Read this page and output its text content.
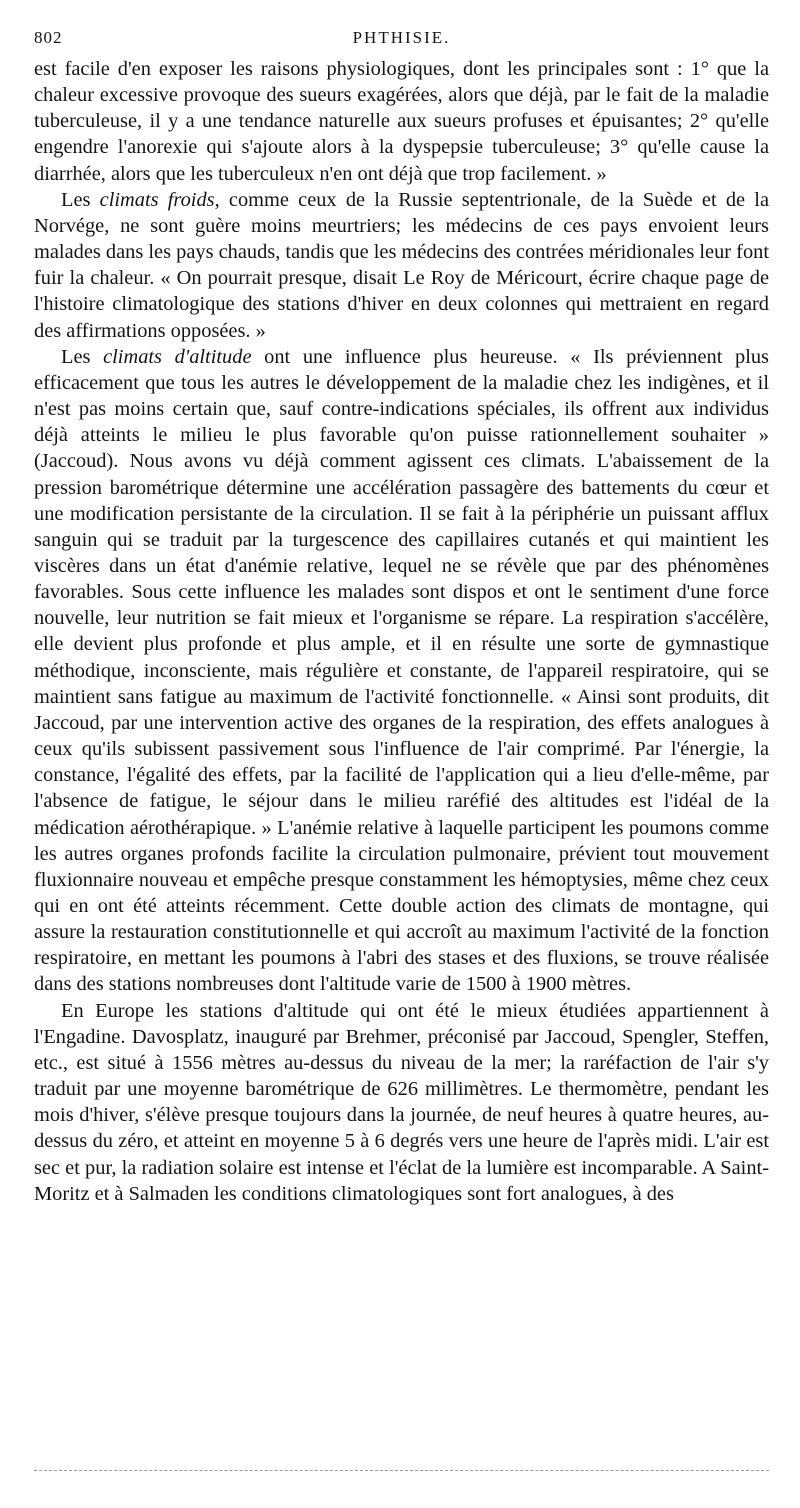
802	PHTHISIE.

est facile d'en exposer les raisons physiologiques, dont les principales sont : 1° que la chaleur excessive provoque des sueurs exagérées, alors que déjà, par le fait de la maladie tuberculeuse, il y a une tendance naturelle aux sueurs profuses et épuisantes; 2° qu'elle engendre l'anorexie qui s'ajoute alors à la dyspepsie tuberculeuse; 3° qu'elle cause la diarrhée, alors que les tuberculeux n'en ont déjà que trop facilement. »

Les climats froids, comme ceux de la Russie septentrionale, de la Suède et de la Norvége, ne sont guère moins meurtriers; les médecins de ces pays envoient leurs malades dans les pays chauds, tandis que les médecins des contrées méridionales leur font fuir la chaleur. « On pourrait presque, disait Le Roy de Méricourt, écrire chaque page de l'histoire climatologique des stations d'hiver en deux colonnes qui mettraient en regard des affirmations opposées. »

Les climats d'altitude ont une influence plus heureuse. « Ils préviennent plus efficacement que tous les autres le développement de la maladie chez les indigènes, et il n'est pas moins certain que, sauf contre-indications spéciales, ils offrent aux individus déjà atteints le milieu le plus favorable qu'on puisse rationnellement souhaiter » (Jaccoud). Nous avons vu déjà comment agissent ces climats. L'abaissement de la pression barométrique détermine une accélération passagère des battements du cœur et une modification persistante de la circulation. Il se fait à la périphérie un puissant afflux sanguin qui se traduit par la turgescence des capillaires cutanés et qui maintient les viscères dans un état d'anémie relative, lequel ne se révèle que par des phénomènes favorables. Sous cette influence les malades sont dispos et ont le sentiment d'une force nouvelle, leur nutrition se fait mieux et l'organisme se répare. La respiration s'accélère, elle devient plus profonde et plus ample, et il en résulte une sorte de gymnastique méthodique, inconsciente, mais régulière et constante, de l'appareil respiratoire, qui se maintient sans fatigue au maximum de l'activité fonctionnelle. « Ainsi sont produits, dit Jaccoud, par une intervention active des organes de la respiration, des effets analogues à ceux qu'ils subissent passivement sous l'influence de l'air comprimé. Par l'énergie, la constance, l'égalité des effets, par la facilité de l'application qui a lieu d'elle-même, par l'absence de fatigue, le séjour dans le milieu raréfié des altitudes est l'idéal de la médication aérothérapique. » L'anémie relative à laquelle participent les poumons comme les autres organes profonds facilite la circulation pulmonaire, prévient tout mouvement fluxionnaire nouveau et empêche presque constamment les hémoptysies, même chez ceux qui en ont été atteints récemment. Cette double action des climats de montagne, qui assure la restauration constitutionnelle et qui accroît au maximum l'activité de la fonction respiratoire, en mettant les poumons à l'abri des stases et des fluxions, se trouve réalisée dans des stations nombreuses dont l'altitude varie de 1500 à 1900 mètres.

En Europe les stations d'altitude qui ont été le mieux étudiées appartiennent à l'Engadine. Davosplatz, inauguré par Brehmer, préconisé par Jaccoud, Spengler, Steffen, etc., est situé à 1556 mètres au-dessus du niveau de la mer; la raréfaction de l'air s'y traduit par une moyenne barométrique de 626 millimètres. Le thermomètre, pendant les mois d'hiver, s'élève presque toujours dans la journée, de neuf heures à quatre heures, au-dessus du zéro, et atteint en moyenne 5 à 6 degrés vers une heure de l'après midi. L'air est sec et pur, la radiation solaire est intense et l'éclat de la lumière est incomparable. A Saint-Moritz et à Salmaden les conditions climatologiques sont fort analogues, à des
